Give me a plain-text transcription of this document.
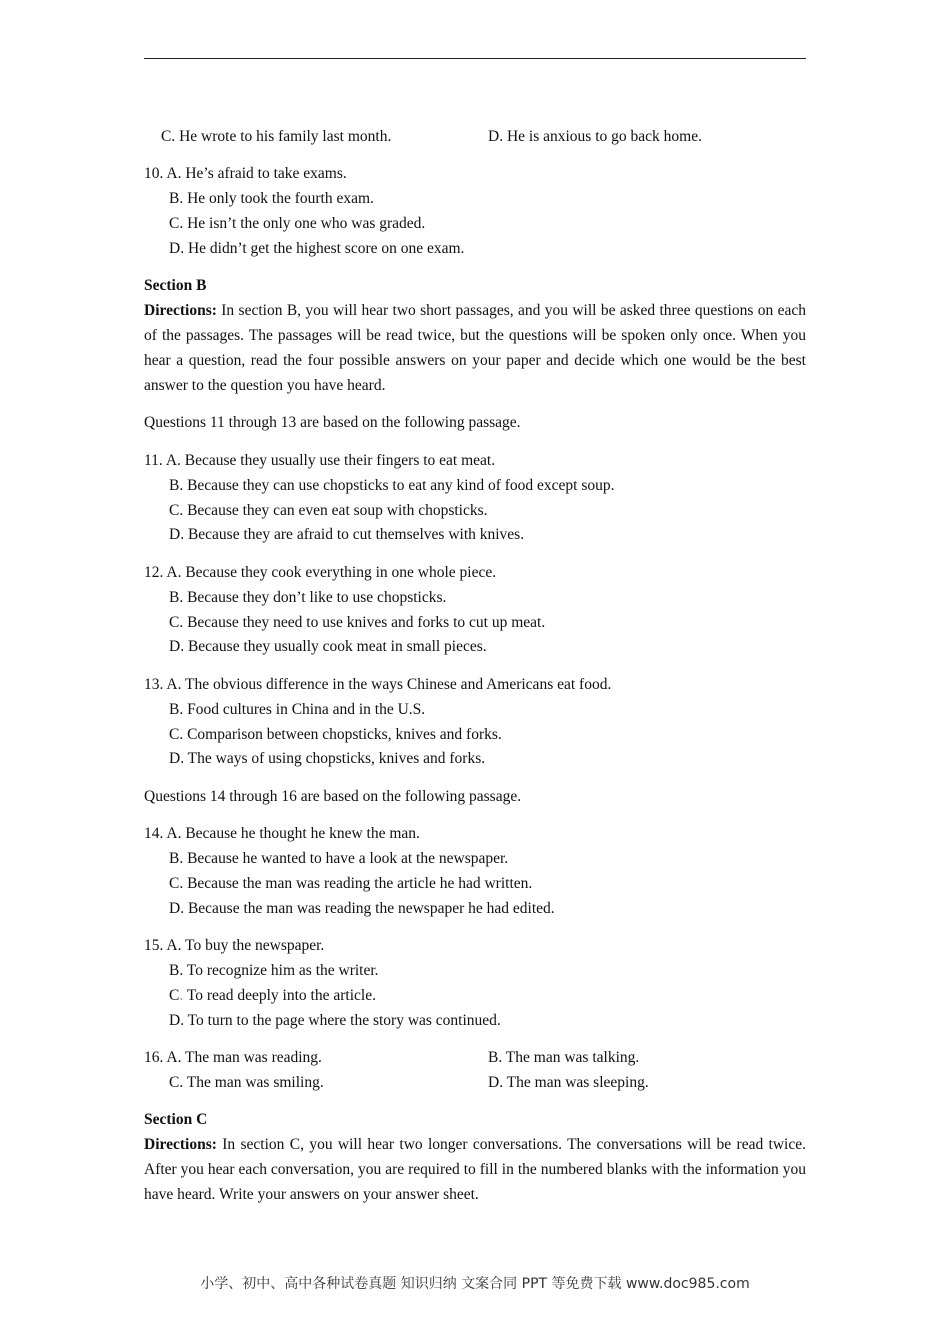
C. He wrote to his family last month.	D. He is anxious to go back home.
10. A. He’s afraid to take exams.
B. He only took the fourth exam.
C. He isn’t the only one who was graded.
D. He didn’t get the highest score on one exam.
Section B
Directions: In section B, you will hear two short passages, and you will be asked three questions on each of the passages. The passages will be read twice, but the questions will be spoken only once. When you hear a question, read the four possible answers on your paper and decide which one would be the best answer to the question you have heard.
Questions 11 through 13 are based on the following passage.
11. A. Because they usually use their fingers to eat meat.
B. Because they can use chopsticks to eat any kind of food except soup.
C. Because they can even eat soup with chopsticks.
D. Because they are afraid to cut themselves with knives.
12. A. Because they cook everything in one whole piece.
B. Because they don’t like to use chopsticks.
C. Because they need to use knives and forks to cut up meat.
D. Because they usually cook meat in small pieces.
13. A. The obvious difference in the ways Chinese and Americans eat food.
B. Food cultures in China and in the U.S.
C. Comparison between chopsticks, knives and forks.
D. The ways of using chopsticks, knives and forks.
Questions 14 through 16 are based on the following passage.
14. A. Because he thought he knew the man.
B. Because he wanted to have a look at the newspaper.
C. Because the man was reading the article he had written.
D. Because the man was reading the newspaper he had edited.
15. A. To buy the newspaper.
B. To recognize him as the writer.
C. To read deeply into the article.
D. To turn to the page where the story was continued.
16. A. The man was reading.	B. The man was talking.
C. The man was smiling.	D. The man was sleeping.
Section C
Directions: In section C, you will hear two longer conversations. The conversations will be read twice. After you hear each conversation, you are required to fill in the numbered blanks with the information you have heard. Write your answers on your answer sheet.
小学、初中、高中各种试卷真题 知识归纳 文案合同 PPT 等免费下载 www.doc985.com
